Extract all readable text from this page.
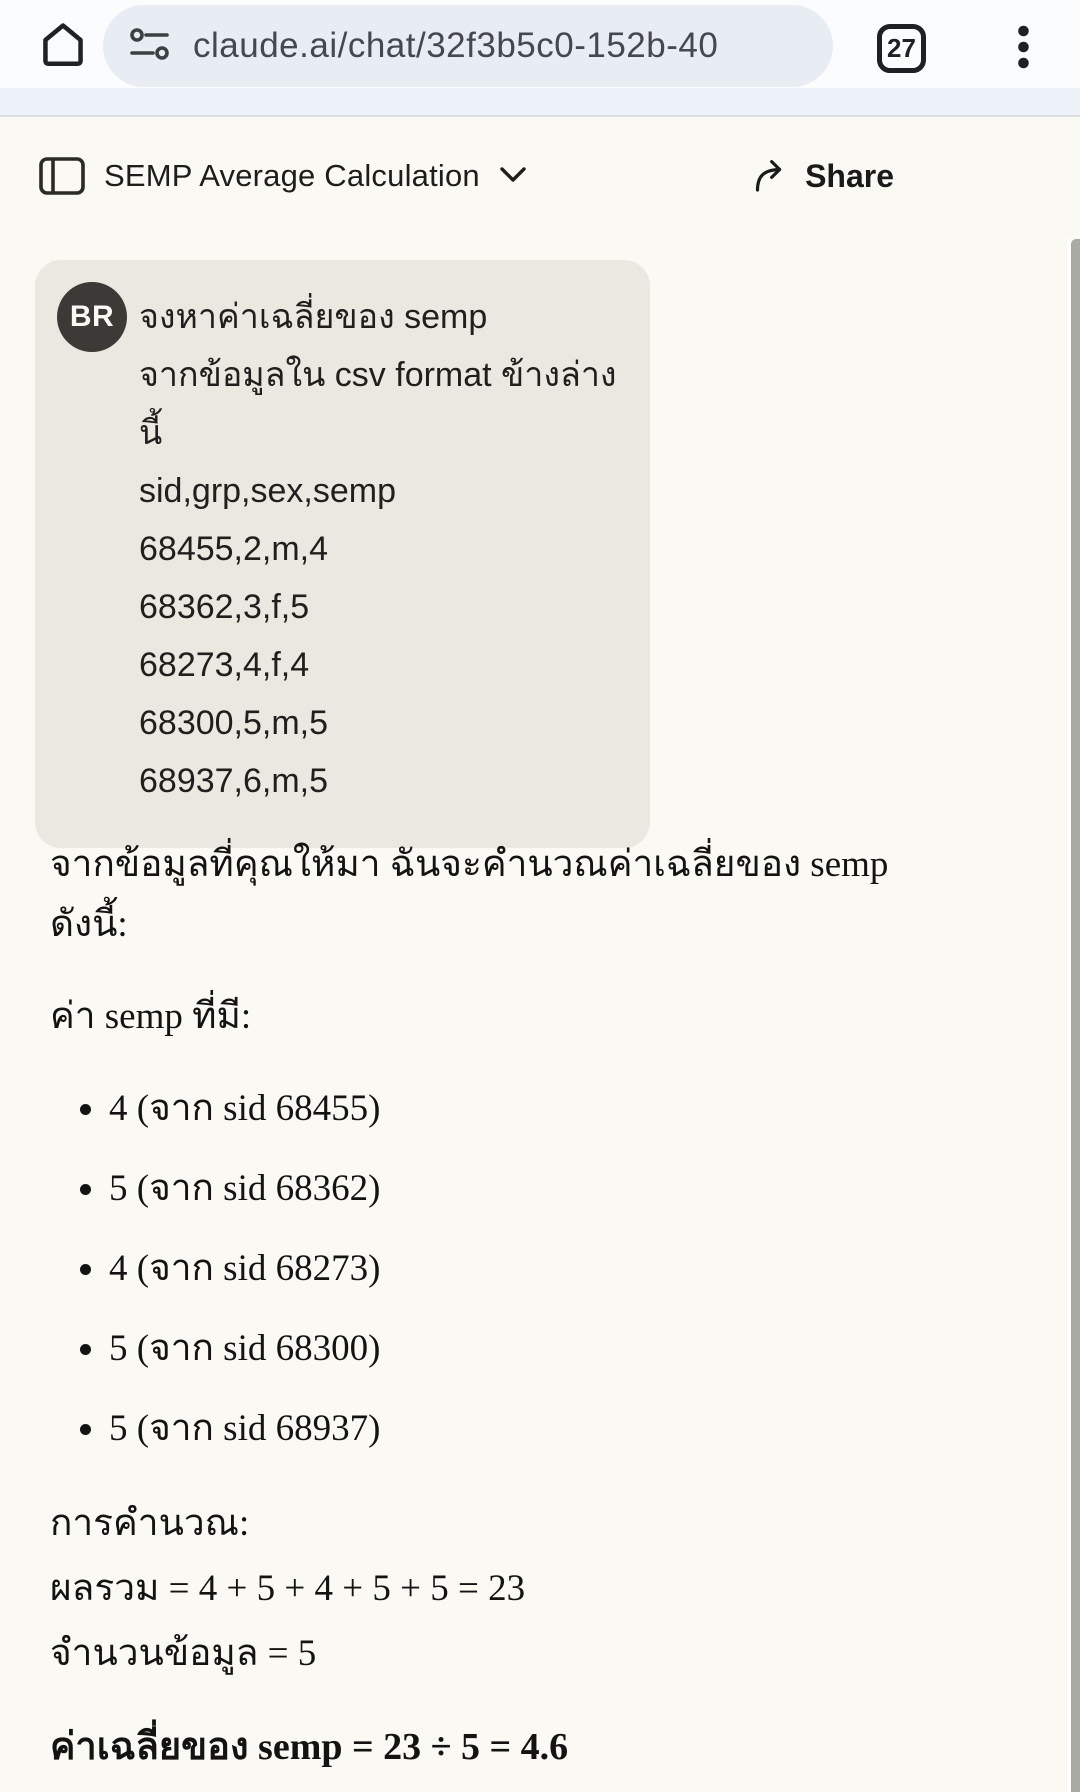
claude.ai/chat/32f3b5c0-152b-40	27
SEMP Average Calculation	Share
BR จงหาค่าเฉลี่ยของ semp
จากข้อมูลใน csv format ข้างล่างนี้
sid,grp,sex,semp
68455,2,m,4
68362,3,f,5
68273,4,f,4
68300,5,m,5
68937,6,m,5
จากข้อมูลที่คุณให้มา ฉันจะคำนวณค่าเฉลี่ยของ semp
ดังนี้:
ค่า semp ที่มี:
4 (จาก sid 68455)
5 (จาก sid 68362)
4 (จาก sid 68273)
5 (จาก sid 68300)
5 (จาก sid 68937)
การคำนวณ:
ผลรวม = 4 + 5 + 4 + 5 + 5 = 23
จำนวนข้อมูล = 5
ค่าเฉลี่ยของ semp = 23 ÷ 5 = 4.6
